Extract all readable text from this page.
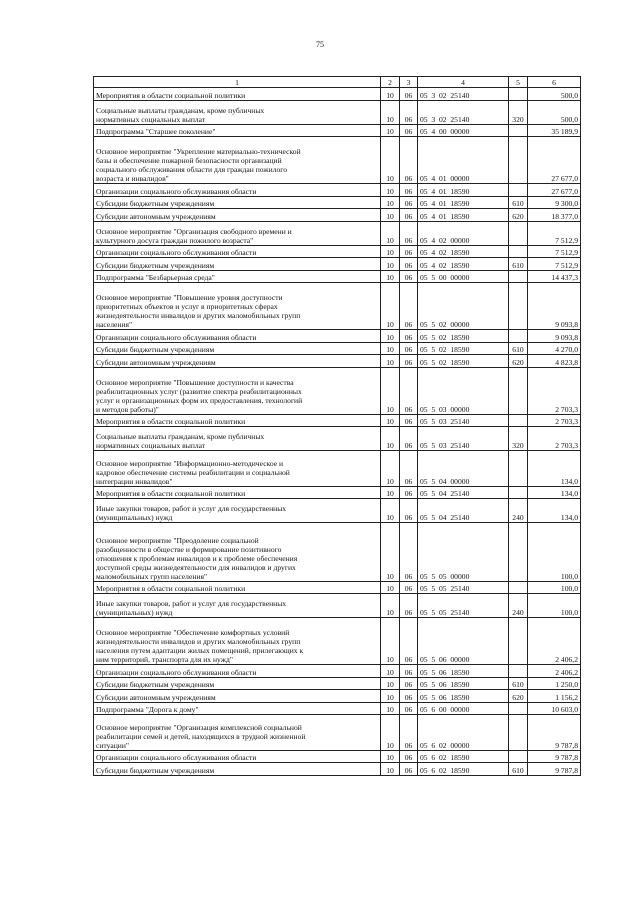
75
1	2	3	4	5	6
Мероприятия в области социальной политики	10	06	05  3  02  25140		500,0
Социальные выплаты гражданам, кроме публичных
нормативных социальных выплат	10	06	05  3  02  25140	320	500,0
Подпрограмма "Старшее поколение"	10	06	05  4  00  00000		35 189,9
Основное мероприятие "Укрепление материально-технической
базы и обеспечение пожарной безопасности организаций
социального обслуживания области для граждан пожилого
возраста и инвалидов"	10	06	05  4  01  00000		27 677,0
Организации социального обслуживания области	10	06	05  4  01  18590		27 677,0
Субсидии бюджетным учреждениям	10	06	05  4  01  18590	610	9 300,0
Субсидии автономным учреждениям	10	06	05  4  01  18590	620	18 377,0
Основное мероприятие "Организация свободного времени и
культурного досуга граждан пожилого возраста"	10	06	05  4  02  00000		7 512,9
Организации социального обслуживания области	10	06	05  4  02  18590		7 512,9
Субсидии бюджетным учреждениям	10	06	05  4  02  18590	610	7 512,9
Подпрограмма "Безбарьерная среда"	10	06	05  5  00  00000		14 437,3
Основное мероприятие "Повышение уровня доступности
приоритетных объектов и услуг в приоритетных сферах
жизнедеятельности инвалидов и других маломобильных групп
населения"	10	06	05  5  02  00000		9 093,8
Организации социального обслуживания области	10	06	05  5  02  18590		9 093,8
Субсидии бюджетным учреждениям	10	06	05  5  02  18590	610	4 270,0
Субсидии автономным учреждениям	10	06	05  5  02  18590	620	4 823,8
Основное мероприятие "Повышение доступности и качества
реабилитационных услуг (развитие спектра реабилитационных
услуг и организационных форм их предоставления, технологий
и методов работы)"	10	06	05  5  03  00000		2 703,3
Мероприятия в области социальной политики	10	06	05  5  03  25140		2 703,3
Социальные выплаты гражданам, кроме публичных
нормативных социальных выплат	10	06	05  5  03  25140	320	2 703,3
Основное мероприятие "Информационно-методическое и
кадровое обеспечение системы реабилитации и социальной
интеграции инвалидов"	10	06	05  5  04  00000		134,0
Мероприятия в области социальной политики	10	06	05  5  04  25140		134,0
Иные закупки товаров, работ и услуг для государственных
(муниципальных) нужд	10	06	05  5  04  25140	240	134,0
Основное мероприятие "Преодоление социальной
разобщенности в обществе и формирование позитивного
отношения к проблемам инвалидов и к проблеме обеспечения
доступной среды жизнедеятельности для инвалидов и других
маломобильных групп населения"	10	06	05  5  05  00000		100,0
Мероприятия в области социальной политики	10	06	05  5  05  25140		100,0
Иные закупки товаров, работ и услуг для государственных
(муниципальных) нужд	10	06	05  5  05  25140	240	100,0
Основное мероприятие "Обеспечение комфортных условий
жизнедеятельности инвалидов и других маломобильных групп
населения путем адаптации жилых помещений, прилегающих к
ним территорий, транспорта для их нужд"	10	06	05  5  06  00000		2 406,2
Организации социального обслуживания области	10	06	05  5  06  18590		2 406,2
Субсидии бюджетным учреждениям	10	06	05  5  06  18590	610	1 250,0
Субсидии автономным учреждениям	10	06	05  5  06  18590	620	1 156,2
Подпрограмма "Дорога к дому"	10	06	05  6  00  00000		10 603,0
Основное мероприятие "Организация комплексной социальной
реабилитации семей и детей, находящихся в трудной жизненной
ситуации"	10	06	05  6  02  00000		9 787,8
Организации социального обслуживания области	10	06	05  6  02  18590		9 787,8
Субсидии бюджетным учреждениям	10	06	05  6  02  18590	610	9 787,8
